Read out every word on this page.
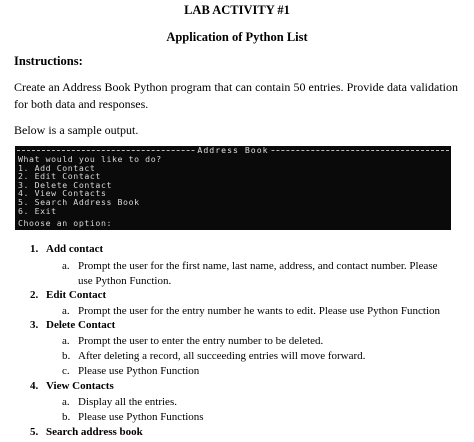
LAB ACTIVITY #1
Application of Python List
Instructions:
Create an Address Book Python program that can contain 50 entries. Provide data validation for both data and responses.
Below is a sample output.
Address Book
What would you like to do?
1. Add Contact
2. Edit Contact
3. Delete Contact
4. View Contacts
5. Search Address Book
6. Exit
Choose an option:
1. Add contact
a. Prompt the user for the first name, last name, address, and contact number. Please
use Python Function.
2. Edit Contact
a. Prompt the user for the entry number he wants to edit. Please use Python Function
3. Delete Contact
a. Prompt the user to enter the entry number to be deleted.
b. After deleting a record, all succeeding entries will move forward.
c. Please use Python Function
4. View Contacts
a. Display all the entries.
b. Please use Python Functions
5. Search address book
